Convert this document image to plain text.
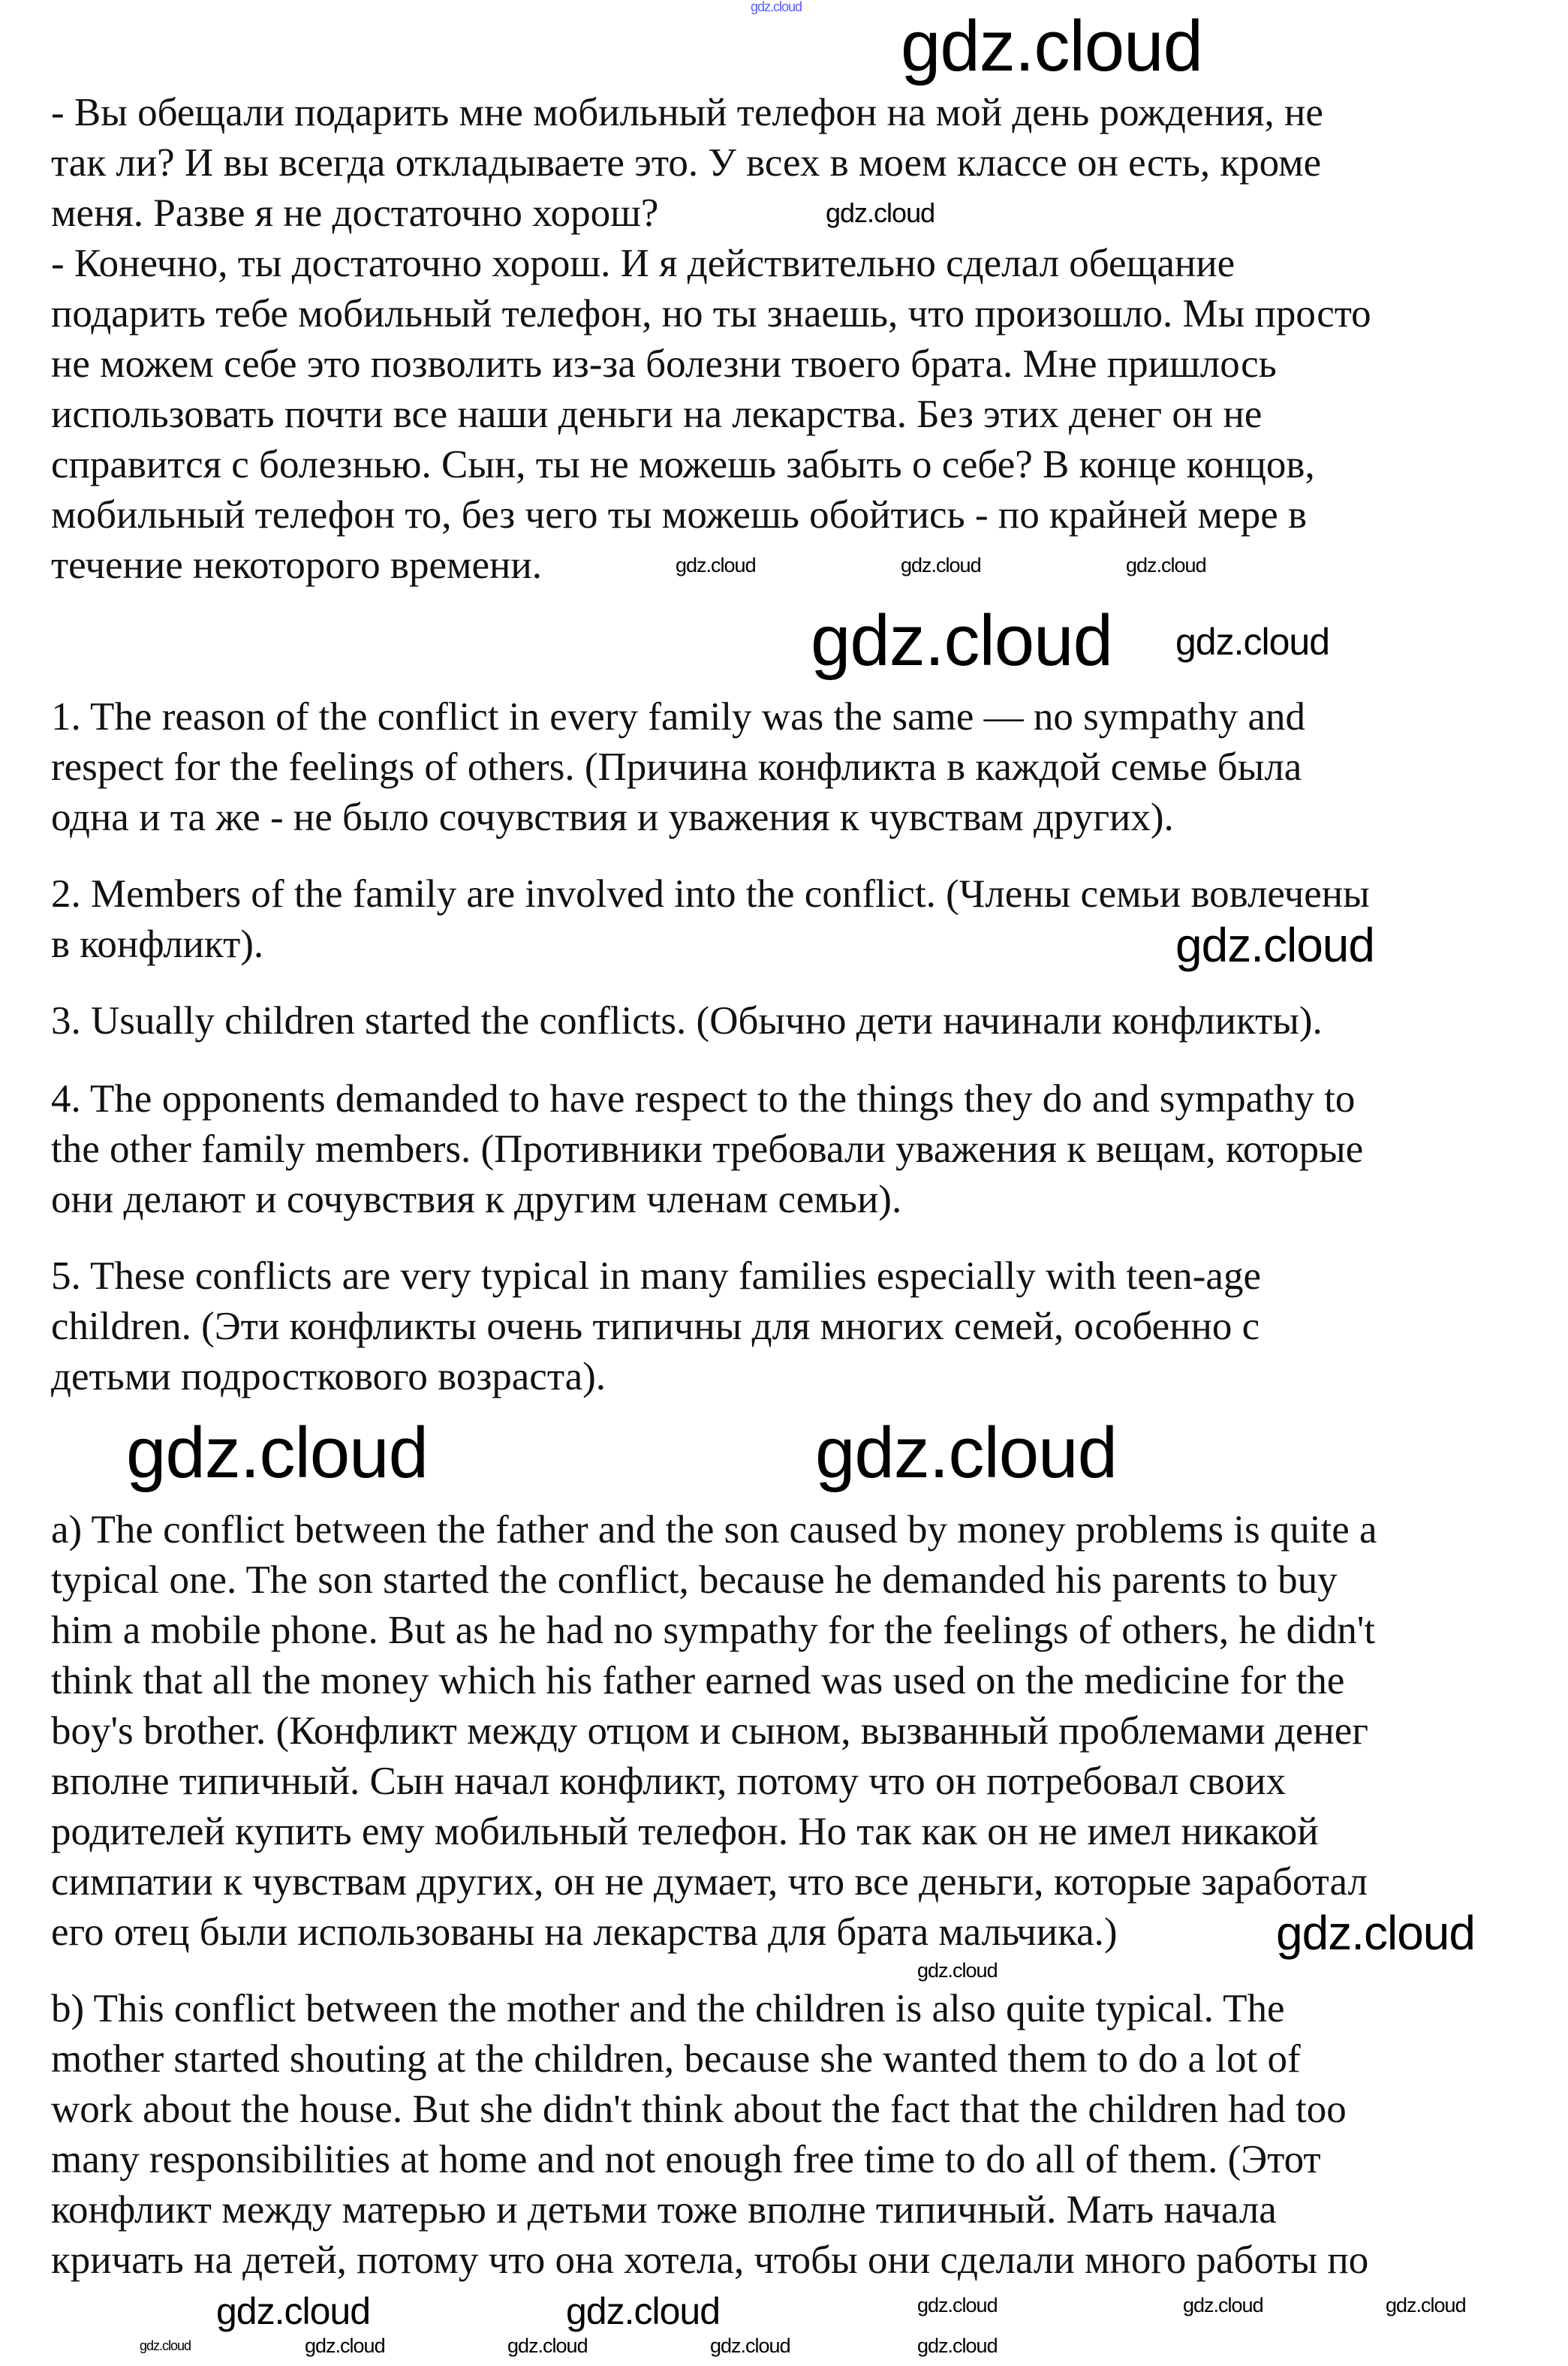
- Вы обещали подарить мне мобильный телефон на мой день рождения, не
так ли? И вы всегда откладываете это. У всех в моем классе он есть, кроме
меня. Разве я не достаточно хорош?
- Конечно, ты достаточно хорош. И я действительно сделал обещание
подарить тебе мобильный телефон, но ты знаешь, что произошло. Мы просто
не можем себе это позволить из-за болезни твоего брата. Мне пришлось
использовать почти все наши деньги на лекарства. Без этих денег он не
справится с болезнью. Сын, ты не можешь забыть о себе? В конце концов,
мобильный телефон то, без чего ты можешь обойтись - по крайней мере в
течение некоторого времени.
1. The reason of the conflict in every family was the same — no sympathy and
respect for the feelings of others. (Причина конфликта в каждой семье была
одна и та же - не было сочувствия и уважения к чувствам других).
2. Members of the family are involved into the conflict. (Члены семьи вовлечены
в конфликт).
3. Usually children started the conflicts. (Обычно дети начинали конфликты).
4. The opponents demanded to have respect to the things they do and sympathy to
the other family members. (Противники требовали уважения к вещам, которые
они делают и сочувствия к другим членам семьи).
5. These conflicts are very typical in many families especially with teen-age
children. (Эти конфликты очень типичны для многих семей, особенно с
детьми подросткового возраста).
a) The conflict between the father and the son caused by money problems is quite a
typical one. The son started the conflict, because he demanded his parents to buy
him a mobile phone. But as he had no sympathy for the feelings of others, he didn't
think that all the money which his father earned was used on the medicine for the
boy's brother. (Конфликт между отцом и сыном, вызванный проблемами денег
вполне типичный. Сын начал конфликт, потому что он потребовал своих
родителей купить ему мобильный телефон. Но так как он не имел никакой
симпатии к чувствам других, он не думает, что все деньги, которые заработал
его отец были использованы на лекарства для брата мальчика.)
b) This conflict between the mother and the children is also quite typical. The
mother started shouting at the children, because she wanted them to do a lot of
work about the house. But she didn't think about the fact that the children had too
many responsibilities at home and not enough free time to do all of them. (Этот
конфликт между матерью и детьми тоже вполне типичный. Мать начала
кричать на детей, потому что она хотела, чтобы они сделали много работы по
gdz.cloud gdz.cloud
gdz.cloud
gdz.cloud	gdz.cloud	gdz.cloud
gdz.cloud gdz.cloud
gdz.cloud
gdz.cloud	gdz.cloud
gdz.cloud
gdz.cloud
gdz.cloud	gdz.cloud	gdz.cloud	gdz.cloud	gdz.cloud
gdz.cloud	gdz.cloud	gdz.cloud	gdz.cloud	gdz.cloud
